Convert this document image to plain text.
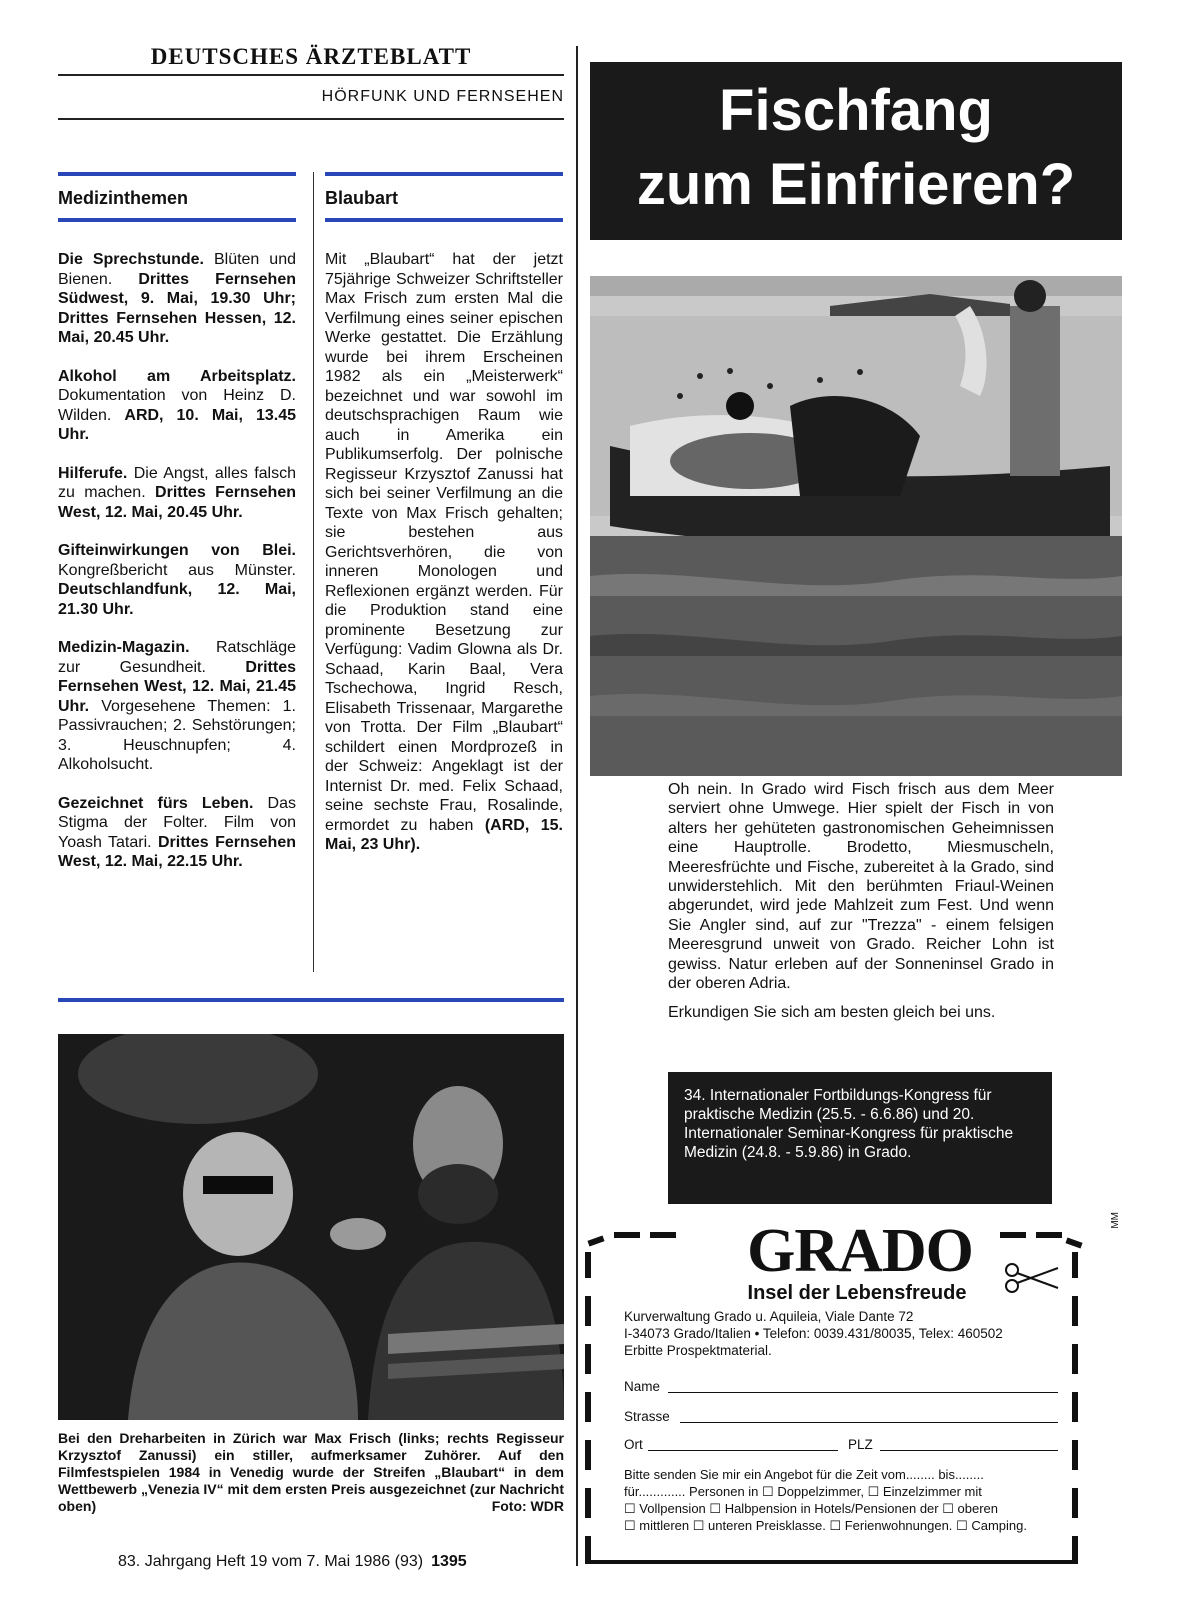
DEUTSCHES ÄRZTEBLATT
HÖRFUNK UND FERNSEHEN
Medizinthemen

Die Sprechstunde. Blüten und Bienen. Drittes Fernsehen Südwest, 9. Mai, 19.30 Uhr; Drittes Fernsehen Hessen, 12. Mai, 20.45 Uhr.

Alkohol am Arbeitsplatz. Dokumentation von Heinz D. Wilden. ARD, 10. Mai, 13.45 Uhr.

Hilferufe. Die Angst, alles falsch zu machen. Drittes Fernsehen West, 12. Mai, 20.45 Uhr.

Gifteinwirkungen von Blei. Kongreßbericht aus Münster. Deutschlandfunk, 12. Mai, 21.30 Uhr.

Medizin-Magazin. Ratschläge zur Gesundheit. Drittes Fernsehen West, 12. Mai, 21.45 Uhr. Vorgesehene Themen: 1. Passivrauchen; 2. Sehstörungen; 3. Heuschnupfen; 4. Alkoholsucht.

Gezeichnet fürs Leben. Das Stigma der Folter. Film von Yoash Tatari. Drittes Fernsehen West, 12. Mai, 22.15 Uhr.

Blaubart
Mit „Blaubart“ hat der jetzt 75jährige Schweizer Schriftsteller Max Frisch zum ersten Mal die Verfilmung eines seiner epischen Werke gestattet. Die Erzählung wurde bei ihrem Erscheinen 1982 als ein „Meisterwerk“ bezeichnet und war sowohl im deutschsprachigen Raum wie auch in Amerika ein Publikumserfolg. Der polnische Regisseur Krzysztof Zanussi hat sich bei seiner Verfilmung an die Texte von Max Frisch gehalten; sie bestehen aus Gerichtsverhören, die von inneren Monologen und Reflexionen ergänzt werden. Für die Produktion stand eine prominente Besetzung zur Verfügung: Vadim Glowna als Dr. Schaad, Karin Baal, Vera Tschechowa, Ingrid Resch, Elisabeth Trissenaar, Margarethe von Trotta. Der Film „Blaubart“ schildert einen Mordprozeß in der Schweiz: Angeklagt ist der Internist Dr. med. Felix Schaad, seine sechste Frau, Rosalinde, ermordet zu haben (ARD, 15. Mai, 23 Uhr).
Bei den Dreharbeiten in Zürich war Max Frisch (links; rechts Regisseur Krzysztof Zanussi) ein stiller, aufmerksamer Zuhörer. Auf den Filmfestspielen 1984 in Venedig wurde der Streifen „Blaubart“ in dem Wettbewerb „Venezia IV“ mit dem ersten Preis ausgezeichnet (zur Nachricht oben)	Foto: WDR
83. Jahrgang Heft 19 vom 7. Mai 1986 (93) 1395
Fischfang
zum Einfrieren?

Oh nein. In Grado wird Fisch frisch aus dem Meer serviert ohne Umwege. Hier spielt der Fisch in von alters her gehüteten gastronomischen Geheimnissen eine Hauptrolle. Brodetto, Miesmuscheln, Meeresfrüchte und Fische, zubereitet à la Grado, sind unwiderstehlich. Mit den berühmten Friaul-Weinen abgerundet, wird jede Mahlzeit zum Fest. Und wenn Sie Angler sind, auf zur "Trezza" - einem felsigen Meeresgrund unweit von Grado. Reicher Lohn ist gewiss. Natur erleben auf der Sonneninsel Grado in der oberen Adria.

Erkundigen Sie sich am besten gleich bei uns.

34. Internationaler Fortbildungs-Kongress für praktische Medizin (25.5. - 6.6.86) und 20. Internationaler Seminar-Kongress für praktische Medizin (24.8. - 5.9.86) in Grado.
MM
GRADO
Insel der Lebensfreude
Kurverwaltung Grado u. Aquileia, Viale Dante 72
I-34073 Grado/Italien • Telefon: 0039.431/80035, Telex: 460502
Erbitte Prospektmaterial.
Name
Strasse
Ort	PLZ
Bitte senden Sie mir ein Angebot für die Zeit vom........ bis........
für............. Personen in ☐ Doppelzimmer, ☐ Einzelzimmer mit
☐ Vollpension ☐ Halbpension in Hotels/Pensionen der ☐ oberen
☐ mittleren ☐ unteren Preisklasse. ☐ Ferienwohnungen. ☐ Camping.
